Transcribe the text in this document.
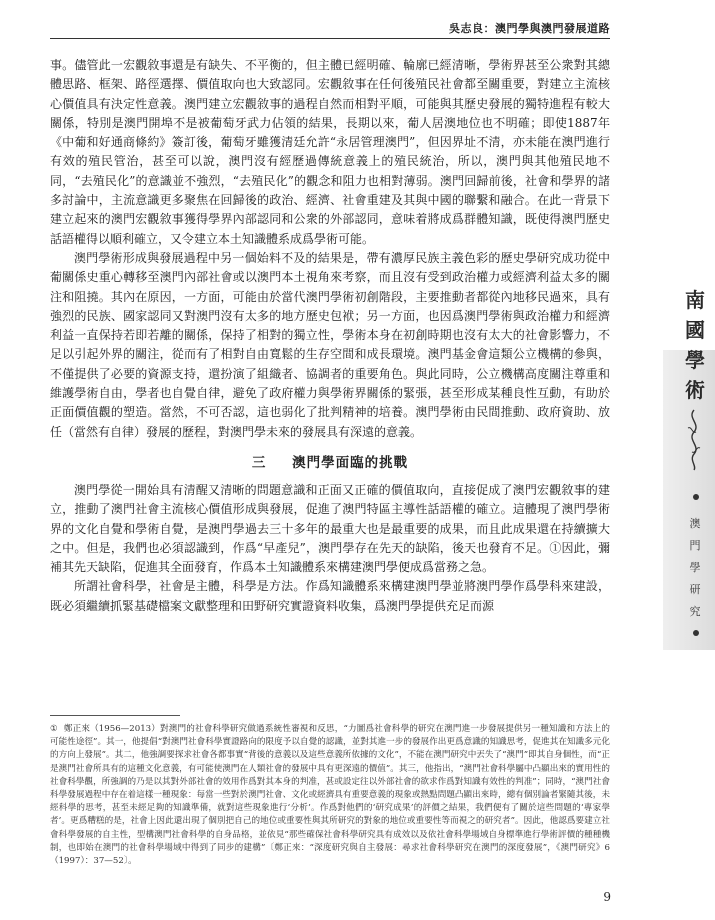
吳志良：澳門學與澳門發展道路

事。儘管此一宏觀敘事還是有缺失、不平衡的，但主體已經明確、輪廓已經清晰，學術界甚至公衆對其總體思路、框架、路徑選擇、價值取向也大致認同。宏觀敘事在任何後殖民社會都至關重要，對建立主流核心價值具有決定性意義。澳門建立宏觀敘事的過程自然而相對平順，可能與其歷史發展的獨特進程有較大關係，特別是澳門開埠不是被葡萄牙武力佔領的結果，長期以來，葡人居澳地位也不明確；即使1887年《中葡和好通商條約》簽訂後，葡萄牙雖獲清廷允許“永居管理澳門”，但因界址不清，亦未能在澳門進行有效的殖民管治，甚至可以說，澳門沒有經歷過傳統意義上的殖民統治，所以，澳門與其他殖民地不同，“去殖民化”的意識並不強烈，“去殖民化”的觀念和阻力也相對薄弱。澳門回歸前後，社會和學界的諸多討論中，主流意識更多聚焦在回歸後的政治、經濟、社會重建及其與中國的聯繫和融合。在此一背景下建立起來的澳門宏觀敘事獲得學界內部認同和公衆的外部認同，意味着將成爲群體知識，既使得澳門歷史話語權得以順利確立，又令建立本土知識體系成爲學術可能。

澳門學術形成與發展過程中另一個始料不及的結果是，帶有濃厚民族主義色彩的歷史學研究成功從中葡關係史重心轉移至澳門內部社會或以澳門本土視角來考察，而且沒有受到政治權力或經濟利益太多的關注和阻撓。其內在原因，一方面，可能由於當代澳門學術初創階段，主要推動者都從內地移民過來，具有強烈的民族、國家認同又對澳門沒有太多的地方歷史包袱；另一方面，也因爲澳門學術與政治權力和經濟利益一直保持若即若離的關係，保持了相對的獨立性，學術本身在初創時期也沒有太大的社會影響力，不足以引起外界的關注，從而有了相對自由寬鬆的生存空間和成長環境。澳門基金會這類公立機構的參與，不僅提供了必要的資源支持，還扮演了組織者、協調者的重要角色。與此同時，公立機構高度關注尊重和維護學術自由，學者也自覺自律，避免了政府權力與學術界關係的緊張，甚至形成某種良性互動，有助於正面價值觀的塑造。當然，不可否認，這也弱化了批判精神的培養。澳門學術由民間推動、政府資助、放任（當然有自律）發展的歷程，對澳門學未來的發展具有深遠的意義。

三 澳門學面臨的挑戰

澳門學從一開始具有清醒又清晰的問題意識和正面又正確的價值取向，直接促成了澳門宏觀敘事的建立，推動了澳門社會主流核心價值形成與發展，促進了澳門特區主導性話語權的確立。這體現了澳門學術界的文化自覺和學術自覺，是澳門學過去三十多年的最重大也是最重要的成果，而且此成果還在持續擴大之中。但是，我們也必須認識到，作爲“早產兒”，澳門學存在先天的缺陷，後天也發育不足。①因此，彌補其先天缺陷，促進其全面發育，作爲本土知識體系來構建澳門學便成爲當務之急。

所謂社會科學，社會是主體，科學是方法。作爲知識體系來構建澳門學並將澳門學作爲學科來建設，既必須繼續抓緊基礎檔案文獻整理和田野研究實證資料收集，爲澳門學提供充足而源

① 鄭正來（1956—2013）對澳門的社會科學研究做過系統性審視和反思，“力圖爲社會科學的研究在澳門進一步發展提供另一種知識和方法上的可能性途徑”。其一，他提倡“對澳門社會科學實證路向的限度予以自覺的認識，並對其進一步的發展作出更爲意識的知識思考，促進其在知識多元化的方向上發展”。其二，他強調要探求社會各都事實“背後的意義以及這些意義所依據的文化”，不能在澳門研究中丟失了“澳門”即其自身個性，而“正是澳門社會所具有的這種文化意義，有可能使澳門在人類社會的發展中具有更深遠的價值”。其三，他指出，“澳門社會科學屬中凸顯出來的實用性的社會科學觀，所強調的乃是以其對外部社會的效用作爲對其本身的判准，甚或設定往以外部社會的欲求作爲對知識有效性的判准”；同時，“澳門社會科學發展過程中存在着這樣一種現象：每當一些對於澳門社會、文化或經濟具有重要意義的現象或熱點問題凸顯出來時，總有個別論者緊隨其後，未經科學的思考，甚至未經足夠的知識準備，就對這些現象進行‘分析’。作爲對他們的‘研究成果’的評價之結果，我們便有了關於這些問題的‘專家學者’。更爲糟糕的是，社會上因此還出現了個別把自己的地位或重要性與其所研究的對象的地位或重要性等而視之的研究者”。因此，他認爲要建立社會科學發展的自主性，型構澳門社會科學的自身品格，並依見“那些確保社會科學研究具有成效以及依社會科學場域自身標準進行學術評價的種種機制，也即始在澳門的社會科學場域中得到了同步的建構”〔鄭正來：“深度研究與自主發展：尋求社會科學研究在澳門的深度發展”，《澳門研究》6（1997）：37—52〕。

9
南
國
學
術
澳
門
學
研
究
